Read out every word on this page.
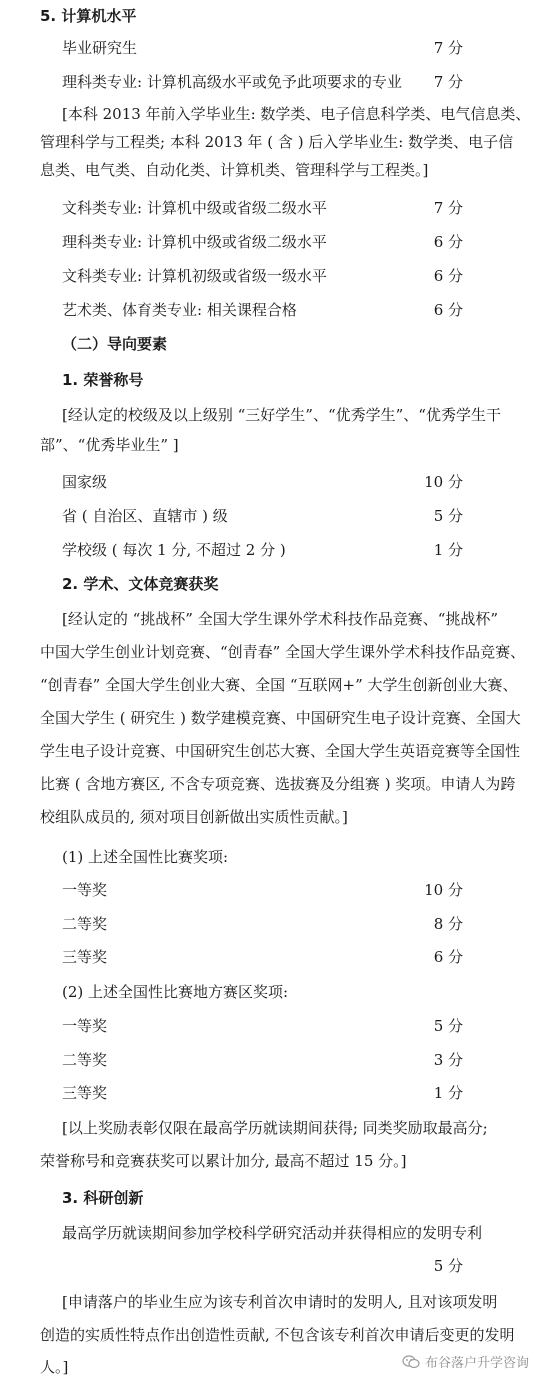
5. 计算机水平
毕业研究生	7 分
理科类专业: 计算机高级水平或免予此项要求的专业	7 分
[本科 2013 年前入学毕业生: 数学类、电子信息科学类、电气信息类、
管理科学与工程类; 本科 2013 年 ( 含 ) 后入学毕业生: 数学类、电子信
息类、电气类、自动化类、计算机类、管理科学与工程类。]
文科类专业: 计算机中级或省级二级水平	7 分
理科类专业: 计算机中级或省级二级水平	6 分
文科类专业: 计算机初级或省级一级水平	6 分
艺术类、体育类专业: 相关课程合格	6 分
（二）导向要素
1. 荣誉称号
[经认定的校级及以上级别 “三好学生”、“优秀学生”、“优秀学生干
部”、“优秀毕业生” ]
国家级	10 分
省 ( 自治区、直辖市 ) 级	5 分
学校级 ( 每次 1 分, 不超过 2 分 )	1 分
2. 学术、文体竞赛获奖
[经认定的 “挑战杯” 全国大学生课外学术科技作品竞赛、“挑战杯”
中国大学生创业计划竞赛、“创青春” 全国大学生课外学术科技作品竞赛、
“创青春” 全国大学生创业大赛、全国 “互联网+” 大学生创新创业大赛、
全国大学生 ( 研究生 ) 数学建模竞赛、中国研究生电子设计竞赛、全国大
学生电子设计竞赛、中国研究生创芯大赛、全国大学生英语竞赛等全国性
比赛 ( 含地方赛区, 不含专项竞赛、选拔赛及分组赛 ) 奖项。申请人为跨
校组队成员的, 须对项目创新做出实质性贡献。]
(1) 上述全国性比赛奖项:
一等奖	10 分
二等奖	8 分
三等奖	6 分
(2) 上述全国性比赛地方赛区奖项:
一等奖	5 分
二等奖	3 分
三等奖	1 分
[以上奖励表彰仅限在最高学历就读期间获得; 同类奖励取最高分;
荣誉称号和竞赛获奖可以累计加分, 最高不超过 15 分。]
3. 科研创新
最高学历就读期间参加学校科学研究活动并获得相应的发明专利
5 分
[申请落户的毕业生应为该专利首次申请时的发明人, 且对该项发明
创造的实质性特点作出创造性贡献, 不包含该专利首次申请后变更的发明
人。]	布谷落户升学咨询
